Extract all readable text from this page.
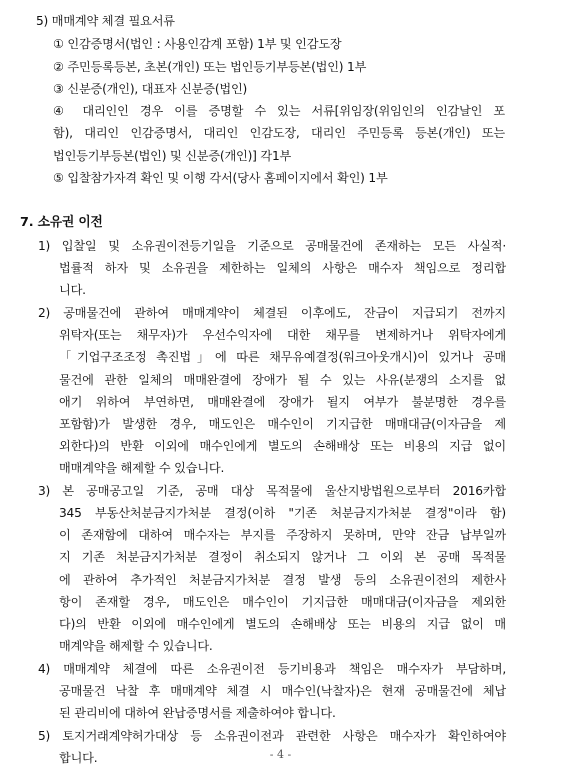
5) 매매계약 체결 필요서류
① 인감증명서(법인 : 사용인감계 포함) 1부 및 인감도장
② 주민등록등본, 초본(개인) 또는 법인등기부등본(법인) 1부
③ 신분증(개인), 대표자 신분증(법인)
④ 대리인인 경우 이를 증명할 수 있는 서류[위임장(위임인의 인감날인 포
함), 대리인 인감증명서, 대리인 인감도장, 대리인 주민등록 등본(개인) 또는
법인등기부등본(법인) 및 신분증(개인)] 각1부
⑤ 입찰참가자격 확인 및 이행 각서(당사 홈페이지에서 확인) 1부
7. 소유권 이전
1) 입찰일 및 소유권이전등기일을 기준으로 공매물건에 존재하는 모든 사실적·
법률적 하자 및 소유권을 제한하는 일체의 사항은 매수자 책임으로 정리합
니다.
2) 공매물건에 관하여 매매계약이 체결된 이후에도, 잔금이 지급되기 전까지
위탁자(또는 채무자)가 우선수익자에 대한 채무를 변제하거나 위탁자에게
「기업구조조정 촉진법」에 따른 채무유예결정(워크아웃개시)이 있거나 공매
물건에 관한 일체의 매매완결에 장애가 될 수 있는 사유(분쟁의 소지를 없
애기 위하여 부연하면, 매매완결에 장애가 될지 여부가 불분명한 경우를
포함함)가 발생한 경우, 매도인은 매수인이 기지급한 매매대금(이자금을 제
외한다)의 반환 이외에 매수인에게 별도의 손해배상 또는 비용의 지급 없이
매매계약을 해제할 수 있습니다.
3) 본 공매공고일 기준, 공매 대상 목적물에 울산지방법원으로부터 2016카합
345 부동산처분금지가처분 결정(이하 "기존 처분금지가처분 결정"이라 함)
이 존재함에 대하여 매수자는 부지를 주장하지 못하며, 만약 잔금 납부일까
지 기존 처분금지가처분 결정이 취소되지 않거나 그 이외 본 공매 목적물
에 관하여 추가적인 처분금지가처분 결정 발생 등의 소유권이전의 제한사
항이 존재할 경우, 매도인은 매수인이 기지급한 매매대금(이자금을 제외한
다)의 반환 이외에 매수인에게 별도의 손해배상 또는 비용의 지급 없이 매
매계약을 해제할 수 있습니다.
4) 매매계약 체결에 따른 소유권이전 등기비용과 책임은 매수자가 부담하며,
공매물건 낙찰 후 매매계약 체결 시 매수인(낙찰자)은 현재 공매물건에 체납
된 관리비에 대하여 완납증명서를 제출하여야 합니다.
5) 토지거래계약허가대상 등 소유권이전과 관련한 사항은 매수자가 확인하여야
합니다.	- 4 -
